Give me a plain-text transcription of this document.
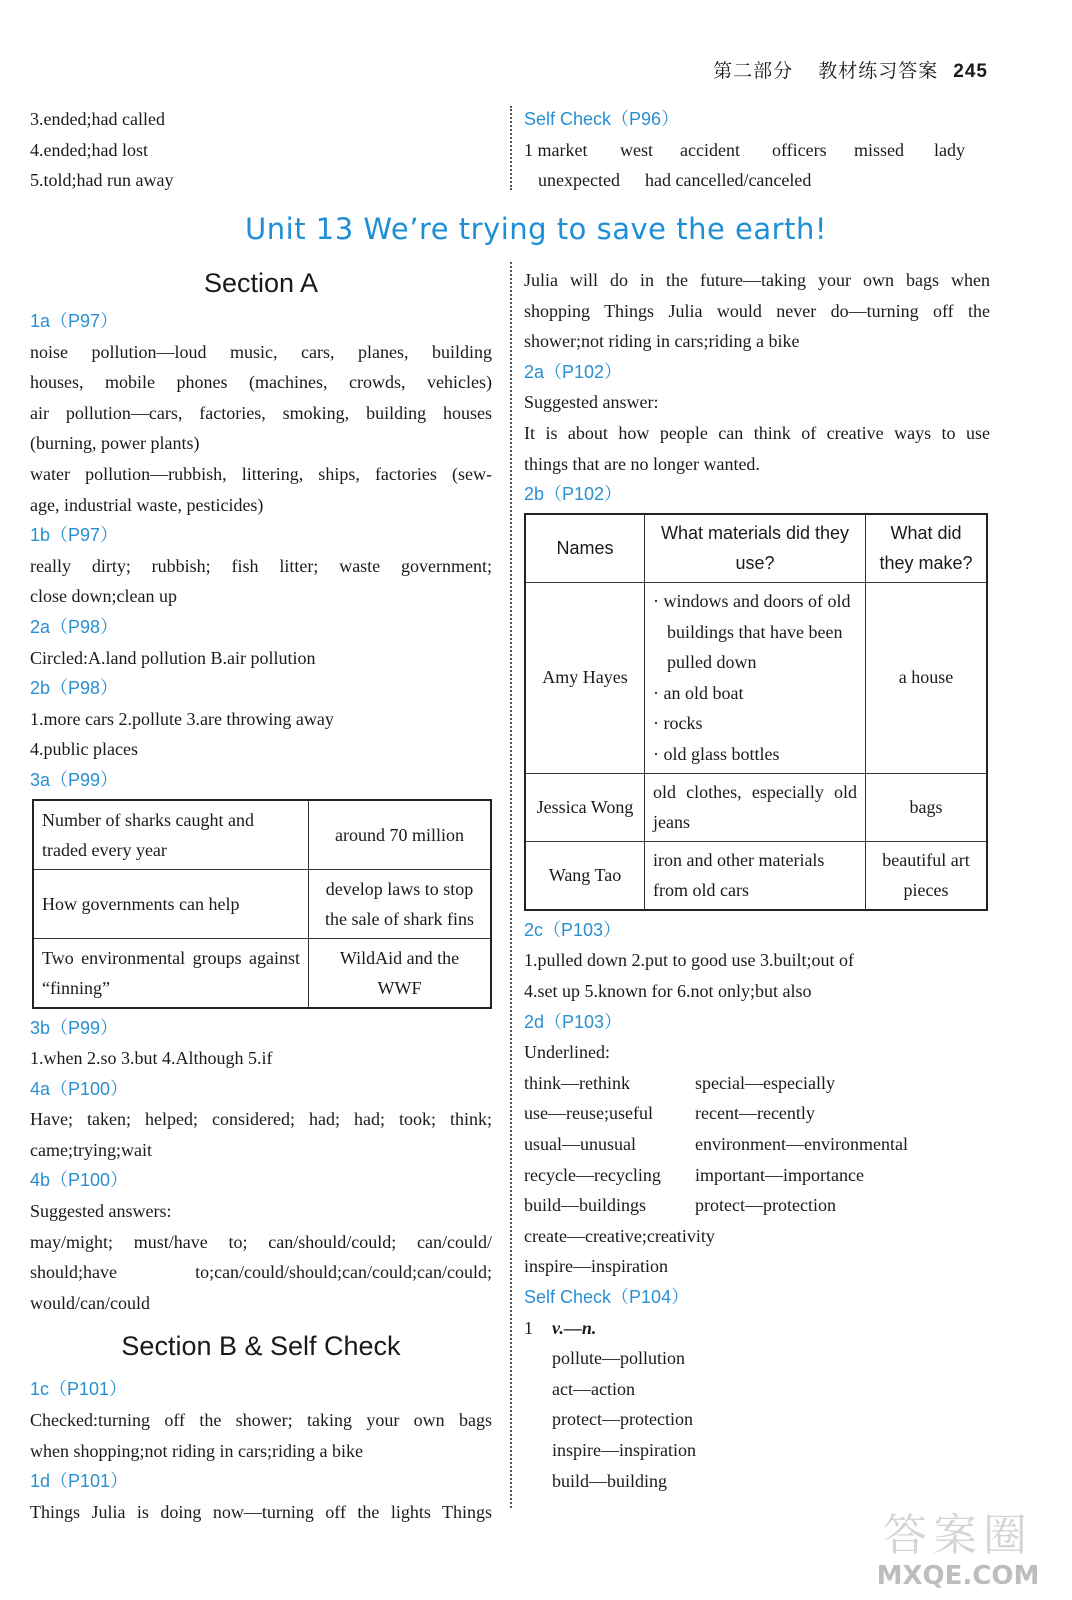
第二部分 教材练习答案 245
3.ended;had called
4.ended;had lost
5.told;had run away
Self Check（P96）
1 market west accident officers missed lady
unexpected had cancelled/canceled
Unit 13 We’re trying to save the earth!
Section A
1a（P97）
noise pollution—loud music, cars, planes, building
houses, mobile phones (machines, crowds, vehicles)
air pollution—cars, factories, smoking, building houses
(burning, power plants)
water pollution—rubbish, littering, ships, factories (sew-
age, industrial waste, pesticides)
1b（P97）
really dirty; rubbish; fish litter; waste government;
close down;clean up
2a（P98）
Circled:A.land pollution B.air pollution
2b（P98）
1.more cars 2.pollute 3.are throwing away
4.public places
3a（P99）
Number of sharks caught and traded every year	around 70 million
How governments can help	develop laws to stop the sale of shark fins
Two environmental groups against “finning”	WildAid and the WWF
3b（P99）
1.when 2.so 3.but 4.Although 5.if
4a（P100）
Have; taken; helped; considered; had; had; took; think;
came;trying;wait
4b（P100）
Suggested answers:
may/might; must/have to; can/should/could; can/could/
should;have to;can/could/should;can/could;can/could;
would/can/could
Section B & Self Check
1c（P101）
Checked:turning off the shower; taking your own bags
when shopping;not riding in cars;riding a bike
1d（P101）
Things Julia is doing now—turning off the lights Things
Julia will do in the future—taking your own bags when
shopping Things Julia would never do—turning off the
shower;not riding in cars;riding a bike
2a（P102）
Suggested answer:
It is about how people can think of creative ways to use
things that are no longer wanted.
2b（P102）
Names	What materials did they use?	What did they make?
Amy Hayes	· windows and doors of old buildings that have been pulled down
· an old boat
· rocks
· old glass bottles	a house
Jessica Wong	old clothes, especially old jeans	bags
Wang Tao	iron and other materials from old cars	beautiful art pieces
2c（P103）
1.pulled down 2.put to good use 3.built;out of
4.set up 5.known for 6.not only;but also
2d（P103）
Underlined:
think—rethink	special—especially
use—reuse;useful recent—recently
usual—unusual	environment—environmental
recycle—recycling important—importance
build—buildings	protect—protection
create—creative;creativity
inspire—inspiration
Self Check（P104）
1 v.—n.
pollute—pollution
act—action
protect—protection
inspire—inspiration
build—building
答案圈
MXQE.COM
